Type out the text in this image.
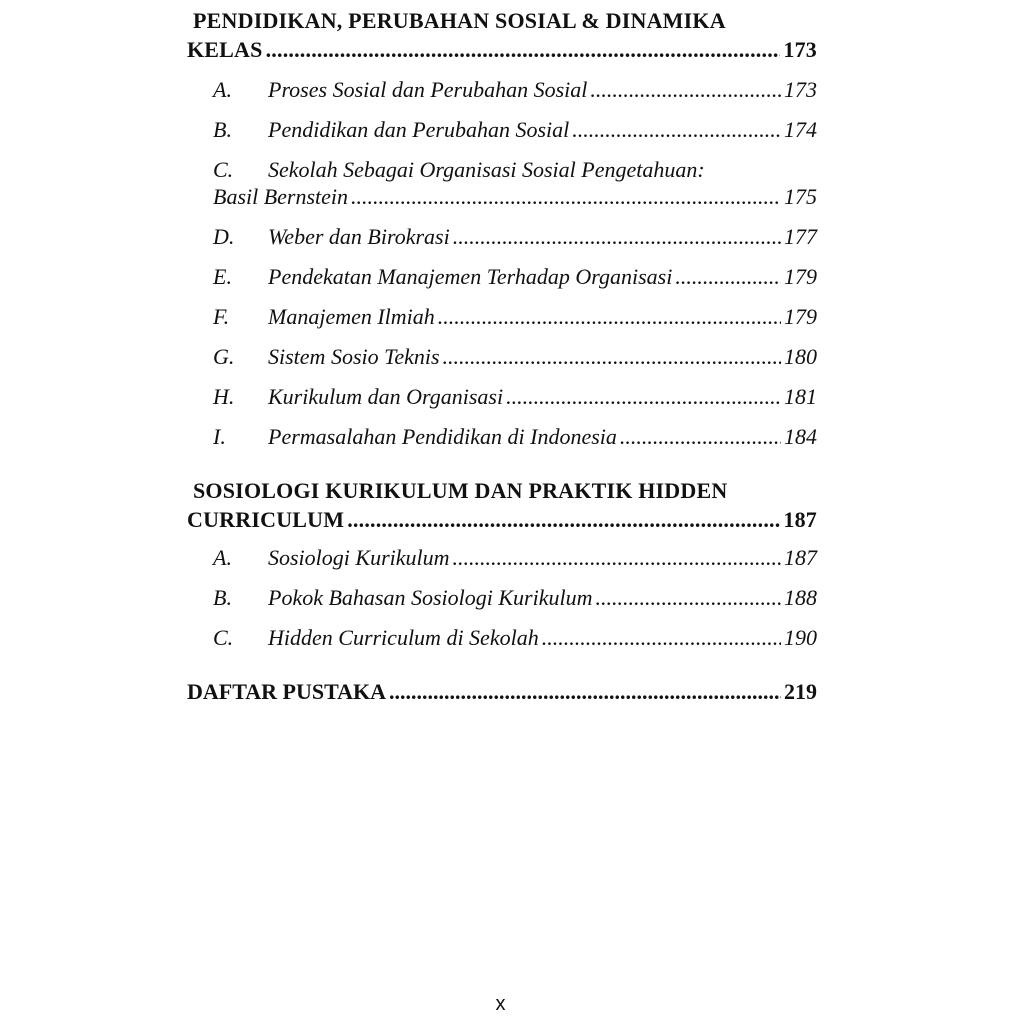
PENDIDIKAN, PERUBAHAN SOSIAL & DINAMIKA
KELAS .....	173
A. Proses Sosial dan Perubahan Sosial .....	173
B. Pendidikan dan Perubahan Sosial .....	174
C. Sekolah Sebagai Organisasi Sosial Pengetahuan:
Basil Bernstein .....	175
D. Weber dan Birokrasi .....	177
E. Pendekatan Manajemen Terhadap Organisasi .....	179
F. Manajemen Ilmiah .....	179
G. Sistem Sosio Teknis .....	180
H. Kurikulum dan Organisasi .....	181
I. Permasalahan Pendidikan di Indonesia .....	184
SOSIOLOGI KURIKULUM DAN PRAKTIK HIDDEN
CURRICULUM .....	187
A. Sosiologi Kurikulum .....	187
B. Pokok Bahasan Sosiologi Kurikulum .....	188
C. Hidden Curriculum di Sekolah .....	190
DAFTAR PUSTAKA .....	219
x
